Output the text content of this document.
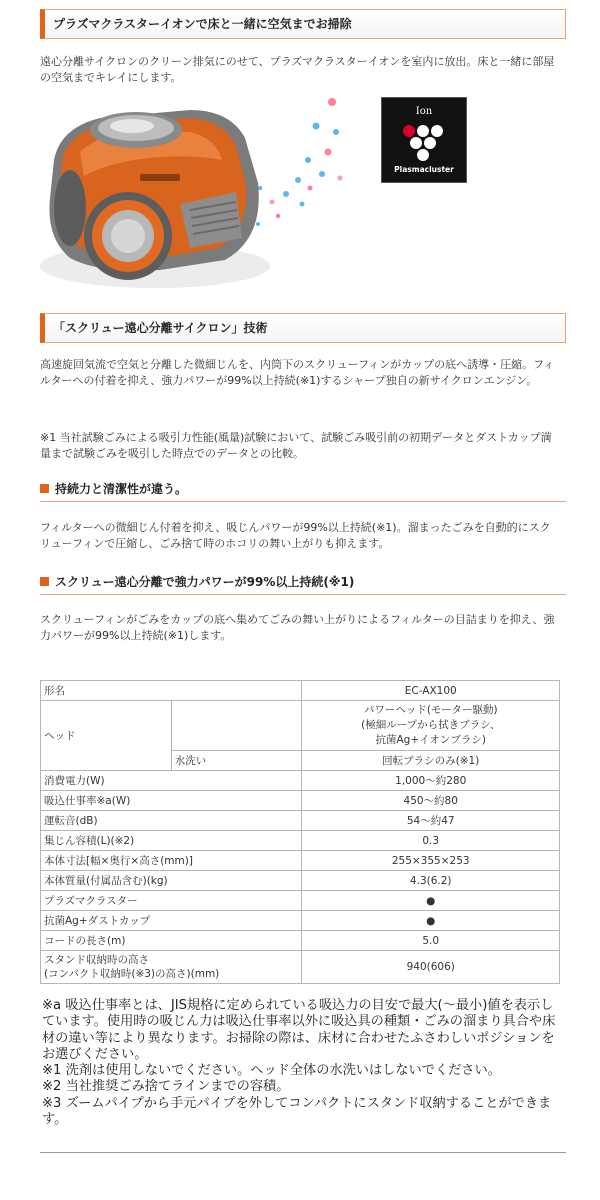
プラズマクラスターイオンで床と一緒に空気までお掃除
遠心分離サイクロンのクリーン排気にのせて、プラズマクラスターイオンを室内に放出。床と一緒に部屋の空気までキレイにします。
Ion
Plasmacluster
「スクリュー遠心分離サイクロン」技術
高速旋回気流で空気と分離した微細じんを、内筒下のスクリューフィンがカップの底へ誘導・圧縮。フィルターへの付着を抑え、強力パワーが99%以上持続(※1)するシャープ独自の新サイクロンエンジン。
※1 当社試験ごみによる吸引力性能(風量)試験において、試験ごみ吸引前の初期データとダストカップ満量まで試験ごみを吸引した時点でのデータとの比較。
持続力と清潔性が違う。
フィルターへの微細じん付着を抑え、吸じんパワーが99%以上持続(※1)。溜まったごみを自動的にスクリューフィンで圧縮し、ごみ捨て時のホコリの舞い上がりも抑えます。
スクリュー遠心分離で強力パワーが99%以上持続(※1)
スクリューフィンがごみをカップの底へ集めてごみの舞い上がりによるフィルターの目詰まりを抑え、強力パワーが99%以上持続(※1)します。
形名		EC-AX100
ヘッド		パワーヘッド(モーター駆動)
(極細ループから拭きブラシ、
抗菌Ag+イオンブラシ)

	水洗い	回転ブラシのみ(※1)
消費電力(W)		1,000～約280
吸込仕事率※a(W)		450～約80
運転音(dB)		54～約47
集じん容積(L)(※2)		0.3
本体寸法[幅×奥行×高さ(mm)]		255×355×253
本体質量(付属品含む)(kg)		4.3(6.2)
プラズマクラスター		●
抗菌Ag+ダストカップ		●
コードの長さ(m)		5.0

スタンド収納時の高さ
(コンパクト収納時(※3)の高さ)(mm)		940(606)

※a 吸込仕事率とは、JIS規格に定められている吸込力の目安で最大(～最小)値を表示しています。使用時の吸じん力は吸込仕事率以外に吸込具の種類・ごみの溜まり具合や床材の違い等により異なります。お掃除の際は、床材に合わせたふさわしいポジションをお選びください。

※1 洗剤は使用しないでください。ヘッド全体の水洗いはしないでください。

※2 当社推奨ごみ捨てラインまでの容積。

※3 ズームパイプから手元パイプを外してコンパクトにスタンド収納することができます。
